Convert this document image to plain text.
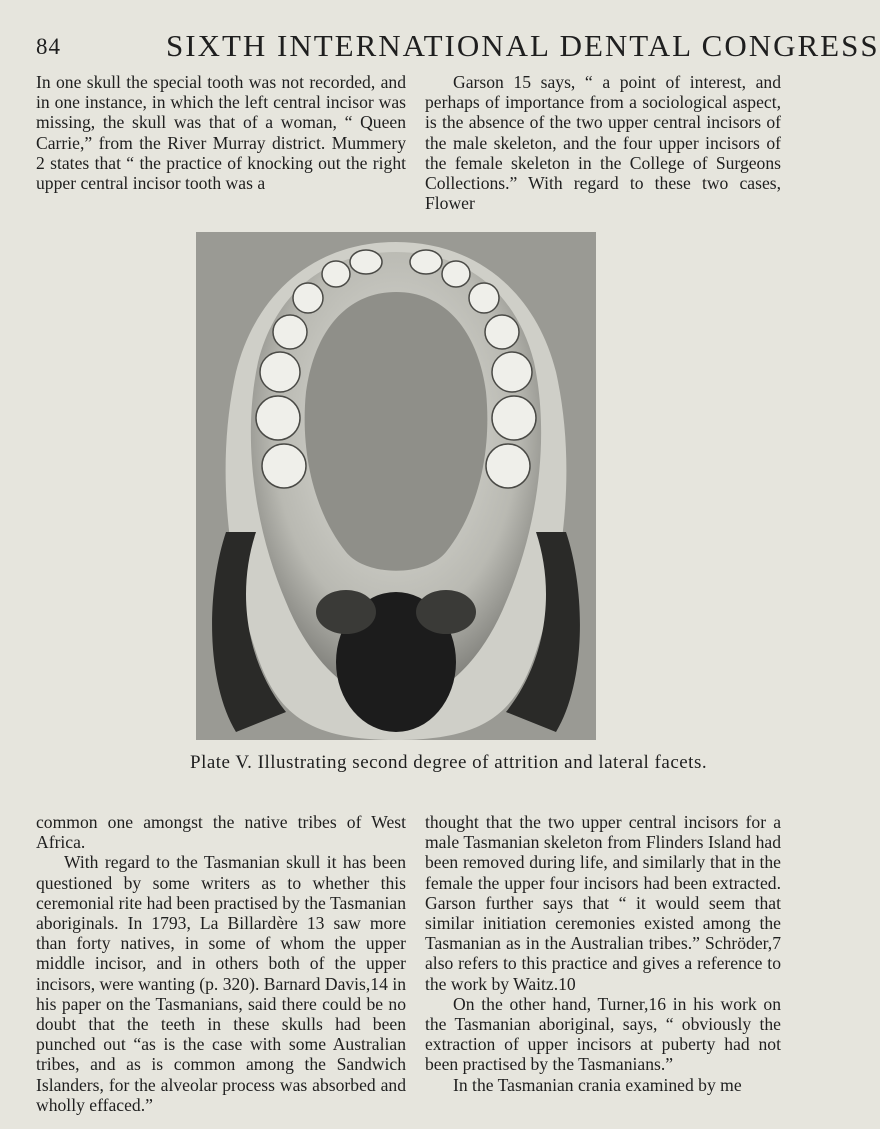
84	SIXTH INTERNATIONAL DENTAL CONGRESS

In one skull the special tooth was not recorded, and in one instance, in which the left central incisor was missing, the skull was that of a woman, “ Queen Carrie,” from the River Murray district. Mummery 2 states that “ the practice of knocking out the right upper central incisor tooth was a

Garson 15 says, “ a point of interest, and perhaps of importance from a sociological aspect, is the absence of the two upper central incisors of the male skeleton, and the four upper incisors of the female skeleton in the College of Surgeons Collections.” With regard to these two cases, Flower

Plate V. Illustrating second degree of attrition and lateral facets.

common one amongst the native tribes of West Africa.

With regard to the Tasmanian skull it has been questioned by some writers as to whether this ceremonial rite had been practised by the Tasmanian aboriginals. In 1793, La Billardère 13 saw more than forty natives, in some of whom the upper middle incisor, and in others both of the upper incisors, were wanting (p. 320). Barnard Davis,14 in his paper on the Tasmanians, said there could be no doubt that the teeth in these skulls had been punched out “as is the case with some Australian tribes, and as is common among the Sandwich Islanders, for the alveolar process was absorbed and wholly effaced.”

thought that the two upper central incisors for a male Tasmanian skeleton from Flinders Island had been removed during life, and similarly that in the female the upper four incisors had been extracted. Garson further says that “ it would seem that similar initiation ceremonies existed among the Tasmanian as in the Australian tribes.” Schröder,7 also refers to this practice and gives a reference to the work by Waitz.10

On the other hand, Turner,16 in his work on the Tasmanian aboriginal, says, “ obviously the extraction of upper incisors at puberty had not been practised by the Tasmanians.”

In the Tasmanian crania examined by me
